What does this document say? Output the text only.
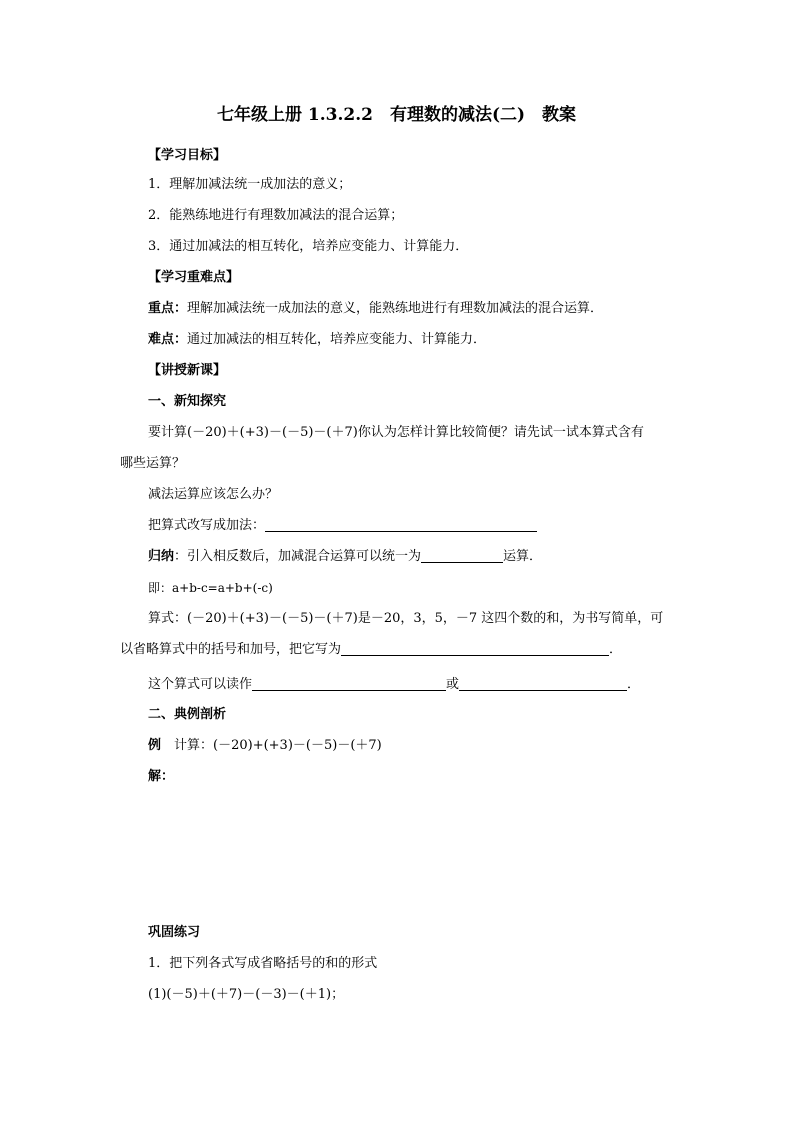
七年级上册 1.3.2.2　有理数的减法(二)　教案
【学习目标】
1．理解加减法统一成加法的意义；
2．能熟练地进行有理数加减法的混合运算；
3．通过加减法的相互转化，培养应变能力、计算能力．
【学习重难点】
重点：理解加减法统一成加法的意义，能熟练地进行有理数加减法的混合运算．
难点：通过加减法的相互转化，培养应变能力、计算能力．
【讲授新课】
一、新知探究
要计算(－20)＋(+3)－(－5)－(＋7)你认为怎样计算比较简便？请先试一试本算式含有
哪些运算？
减法运算应该怎么办？
把算式改写成加法：
归纳：引入相反数后，加减混合运算可以统一为	运算．
即：a+b-c=a+b+(-c)
算式：(－20)＋(+3)－(－5)－(＋7)是－20，3，5，－7 这四个数的和，为书写简单，可
以省略算式中的括号和加号，把它写为	．
这个算式可以读作	或	．
二、典例剖析
例　计算：(－20)+(+3)－(－5)－(＋7)
解：
巩固练习
1．把下列各式写成省略括号的和的形式
(1)(－5)＋(＋7)－(－3)－(＋1)；
